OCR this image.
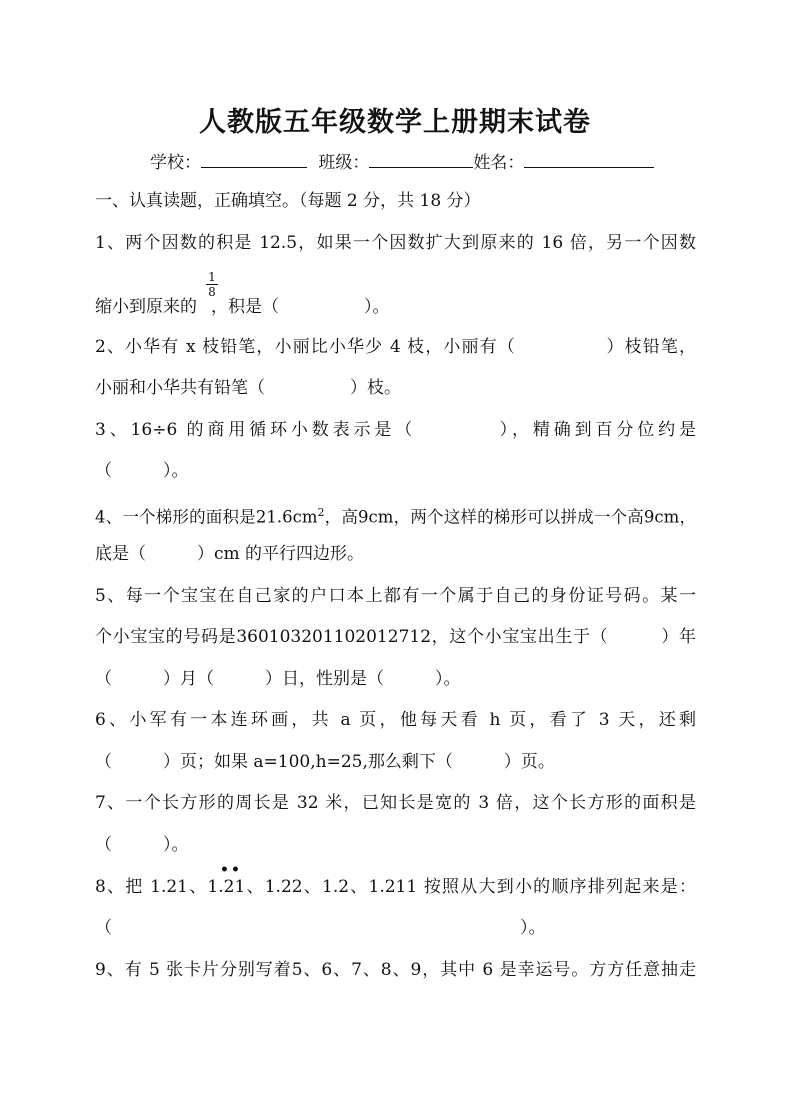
人教版五年级数学上册期末试卷
学校：	班级：	姓名：
一、认真读题，正确填空。（每题 2 分，共 18 分）
1、两个因数的积是 12.5，如果一个因数扩大到原来的 16 倍，另一个因数
$\frac{1}{8}$
缩小到原来的 ，积是（　　　　　）。
2、小华有 x 枝铅笔，小丽比小华少 4 枝，小丽有（　　　　　）枝铅笔，
小丽和小华共有铅笔（　　　　　）枝。
3、16÷6 的商用循环小数表示是（　　　　），精确到百分位约是
（　　　）。
4、一个梯形的面积是$21.6cm^2$，高9cm，两个这样的梯形可以拼成一个高9cm，
底是（　　　）cm 的平行四边形。
5、每一个宝宝在自己家的户口本上都有一个属于自己的身份证号码。某一
个小宝宝的号码是360103201102012712，这个小宝宝出生于（　　　）年
（　　　）月（　　　）日，性别是（　　　）。
6、小军有一本连环画，共 a 页，他每天看 h 页，看了 3 天，还剩
（　　　）页；如果 a=100,h=25,那么剩下（　　　）页。
7、一个长方形的周长是 32 米，已知长是宽的 3 倍，这个长方形的面积是
（　　　）。
••
8、把 1.21、1.21、1.22、1.2、1.211 按照从大到小的顺序排列起来是：
（　　　　　　　　　　　　　　　　　　　　　　　　）。
9、有 5 张卡片分别写着5、6、7、8、9，其中 6 是幸运号。方方任意抽走
